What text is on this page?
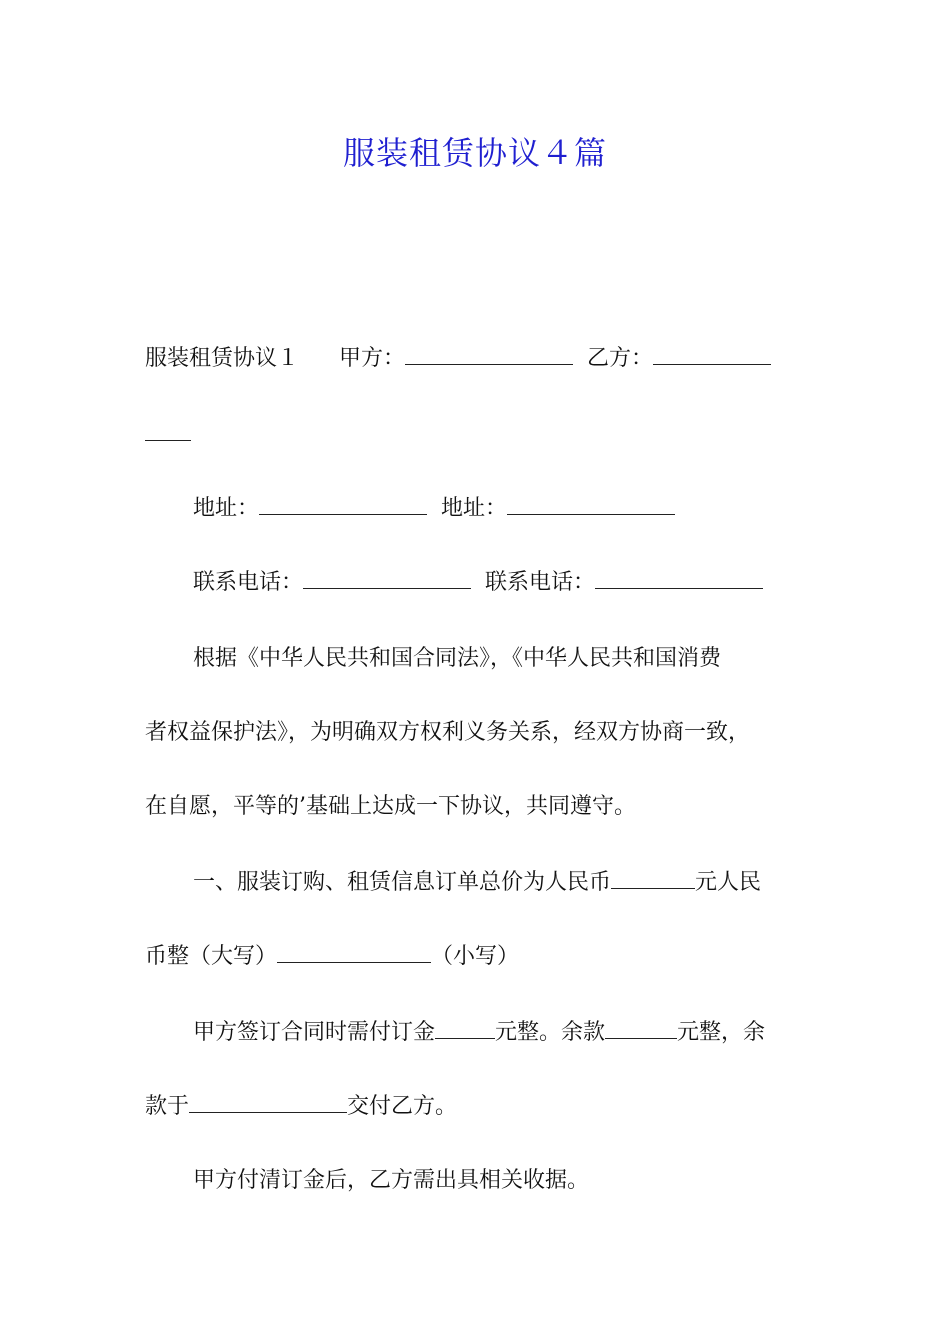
服装租赁协议４篇
服装租赁协议１ 甲方：	乙方：
地址：	地址：
联系电话：	联系电话：
根据《中华人民共和国合同法》，《中华人民共和国消费
者权益保护法》，为明确双方权利义务关系，经双方协商一致，
在自愿，平等的’基础上达成一下协议，共同遵守。
一、服装订购、租赁信息订单总价为人民币	元人民
币整（大写）	（小写）
甲方签订合同时需付订金	元整。余款	元整，余
款于	交付乙方。
甲方付清订金后，乙方需出具相关收据。
